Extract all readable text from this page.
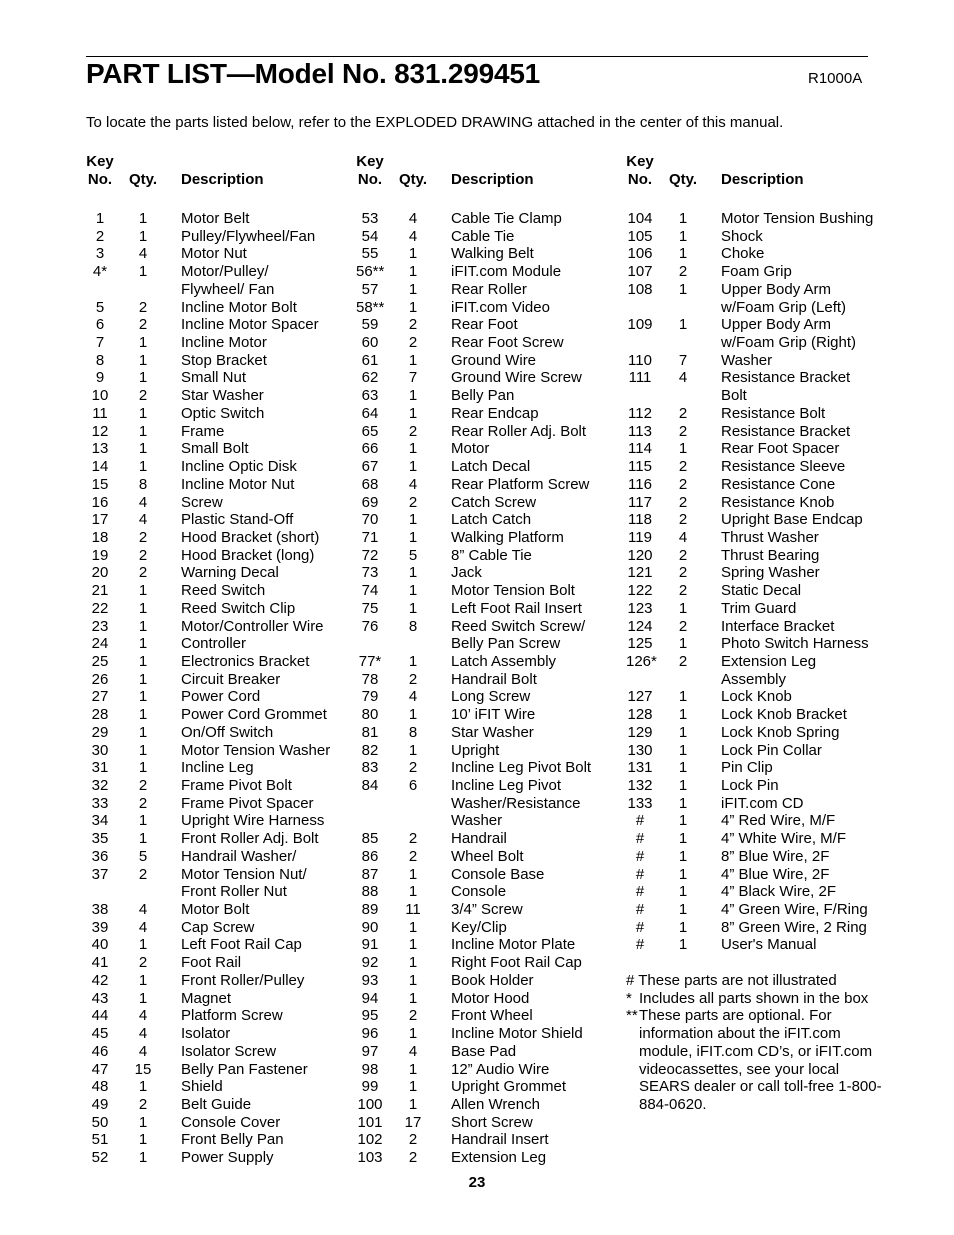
PART LIST—Model No. 831.299451	R1000A
To locate the parts listed below, refer to the EXPLODED DRAWING attached in the center of this manual.
Key
No.	Qty.	Description
1	1	Motor Belt
2	1	Pulley/Flywheel/Fan
3	4	Motor Nut
4*	1	Motor/Pulley/
Flywheel/ Fan
5	2	Incline Motor Bolt
6	2	Incline Motor Spacer
7	1	Incline Motor
8	1	Stop Bracket
9	1	Small Nut
10	2	Star Washer
11	1	Optic Switch
12	1	Frame
13	1	Small Bolt
14	1	Incline Optic Disk
15	8	Incline Motor Nut
16	4	Screw
17	4	Plastic Stand-Off
18	2	Hood Bracket (short)
19	2	Hood Bracket (long)
20	2	Warning Decal
21	1	Reed Switch
22	1	Reed Switch Clip
23	1	Motor/Controller Wire
24	1	Controller
25	1	Electronics Bracket
26	1	Circuit Breaker
27	1	Power Cord
28	1	Power Cord Grommet
29	1	On/Off Switch
30	1	Motor Tension Washer
31	1	Incline Leg
32	2	Frame Pivot Bolt
33	2	Frame Pivot Spacer
34	1	Upright Wire Harness
35	1	Front Roller Adj. Bolt
36	5	Handrail Washer/
37	2	Motor Tension Nut/
Front Roller Nut
38	4	Motor Bolt
39	4	Cap Screw
40	1	Left Foot Rail Cap
41	2	Foot Rail
42	1	Front Roller/Pulley
43	1	Magnet
44	4	Platform Screw
45	4	Isolator
46	4	Isolator Screw
47	15	Belly Pan Fastener
48	1	Shield
49	2	Belt Guide
50	1	Console Cover
51	1	Front Belly Pan
52	1	Power Supply
Key
No.	Qty.	Description
53	4	Cable Tie Clamp
54	4	Cable Tie
55	1	Walking Belt
56**	1	iFIT.com Module
57	1	Rear Roller
58**	1	iFIT.com Video
59	2	Rear Foot
60	2	Rear Foot Screw
61	1	Ground Wire
62	7	Ground Wire Screw
63	1	Belly Pan
64	1	Rear Endcap
65	2	Rear Roller Adj. Bolt
66	1	Motor
67	1	Latch Decal
68	4	Rear Platform Screw
69	2	Catch Screw
70	1	Latch Catch
71	1	Walking Platform
72	5	8” Cable Tie
73	1	Jack
74	1	Motor Tension Bolt
75	1	Left Foot Rail Insert
76	8	Reed Switch Screw/
Belly Pan Screw
77*	1	Latch Assembly
78	2	Handrail Bolt
79	4	Long Screw
80	1	10’ iFIT Wire
81	8	Star Washer
82	1	Upright
83	2	Incline Leg Pivot Bolt
84	6	Incline Leg Pivot
Washer/Resistance
Washer
85	2	Handrail
86	2	Wheel Bolt
87	1	Console Base
88	1	Console
89	11	3/4” Screw
90	1	Key/Clip
91	1	Incline Motor Plate
92	1	Right Foot Rail Cap
93	1	Book Holder
94	1	Motor Hood
95	2	Front Wheel
96	1	Incline Motor Shield
97	4	Base Pad
98	1	12” Audio Wire
99	1	Upright Grommet
100	1	Allen Wrench
101	17	Short Screw
102	2	Handrail Insert
103	2	Extension Leg
Key
No.	Qty.	Description
104	1	Motor Tension Bushing
105	1	Shock
106	1	Choke
107	2	Foam Grip
108	1	Upper Body Arm
w/Foam Grip (Left)
109	1	Upper Body Arm
w/Foam Grip (Right)
110	7	Washer
111	4	Resistance Bracket
Bolt
112	2	Resistance Bolt
113	2	Resistance Bracket
114	1	Rear Foot Spacer
115	2	Resistance Sleeve
116	2	Resistance Cone
117	2	Resistance Knob
118	2	Upright Base Endcap
119	4	Thrust Washer
120	2	Thrust Bearing
121	2	Spring Washer
122	2	Static Decal
123	1	Trim Guard
124	2	Interface Bracket
125	1	Photo Switch Harness
126*	2	Extension Leg
Assembly
127	1	Lock Knob
128	1	Lock Knob Bracket
129	1	Lock Knob Spring
130	1	Lock Pin Collar
131	1	Pin Clip
132	1	Lock Pin
133	1	iFIT.com CD
#	1	4” Red Wire, M/F
#	1	4” White Wire, M/F
#	1	8” Blue Wire, 2F
#	1	4” Blue Wire, 2F
#	1	4” Black Wire, 2F
#	1	4” Green Wire, F/Ring
#	1	8” Green Wire, 2 Ring
#	1	User's Manual
# These parts are not illustrated
* Includes all parts shown in the box
** These parts are optional. For information about the iFIT.com module, iFIT.com CD’s, or iFIT.com videocassettes, see your local SEARS dealer or call toll-free 1-800-884-0620.
23
